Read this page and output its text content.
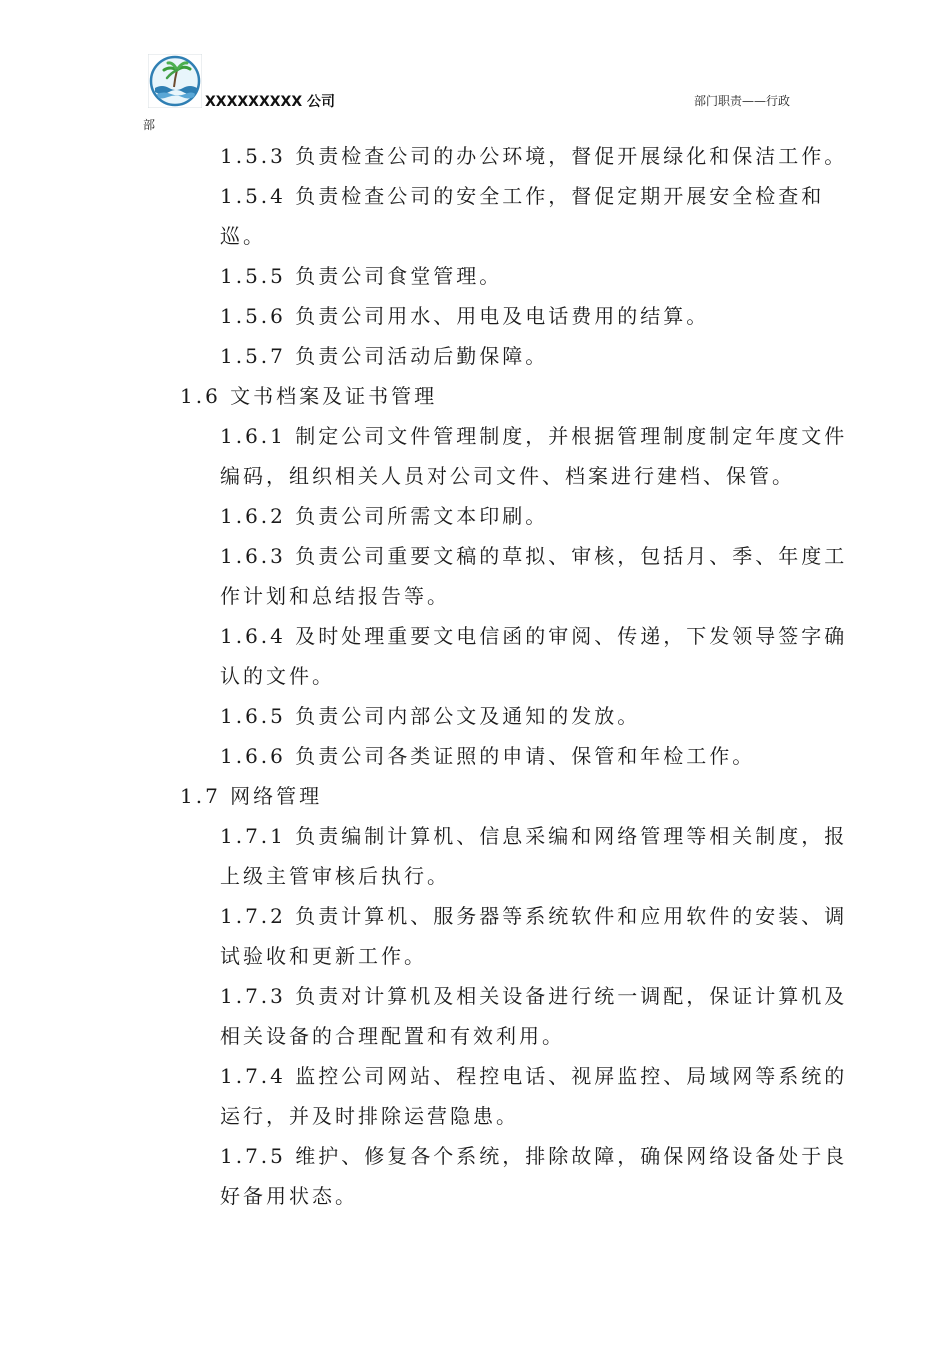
XXXXXXXXX 公司	部门职责——行政
部
1.5.3 负责检查公司的办公环境，督促开展绿化和保洁工作。
1.5.4 负责检查公司的安全工作，督促定期开展安全检查和
巡。
1.5.5 负责公司食堂管理。
1.5.6 负责公司用水、用电及电话费用的结算。
1.5.7 负责公司活动后勤保障。
1.6 文书档案及证书管理
1.6.1 制定公司文件管理制度，并根据管理制度制定年度文件
编码，组织相关人员对公司文件、档案进行建档、保管。
1.6.2 负责公司所需文本印刷。
1.6.3 负责公司重要文稿的草拟、审核，包括月、季、年度工
作计划和总结报告等。
1.6.4 及时处理重要文电信函的审阅、传递，下发领导签字确
认的文件。
1.6.5 负责公司内部公文及通知的发放。
1.6.6 负责公司各类证照的申请、保管和年检工作。
1.7 网络管理
1.7.1 负责编制计算机、信息采编和网络管理等相关制度，报
上级主管审核后执行。
1.7.2 负责计算机、服务器等系统软件和应用软件的安装、调
试验收和更新工作。
1.7.3 负责对计算机及相关设备进行统一调配，保证计算机及
相关设备的合理配置和有效利用。
1.7.4 监控公司网站、程控电话、视屏监控、局域网等系统的
运行，并及时排除运营隐患。
1.7.5 维护、修复各个系统，排除故障，确保网络设备处于良
好备用状态。
